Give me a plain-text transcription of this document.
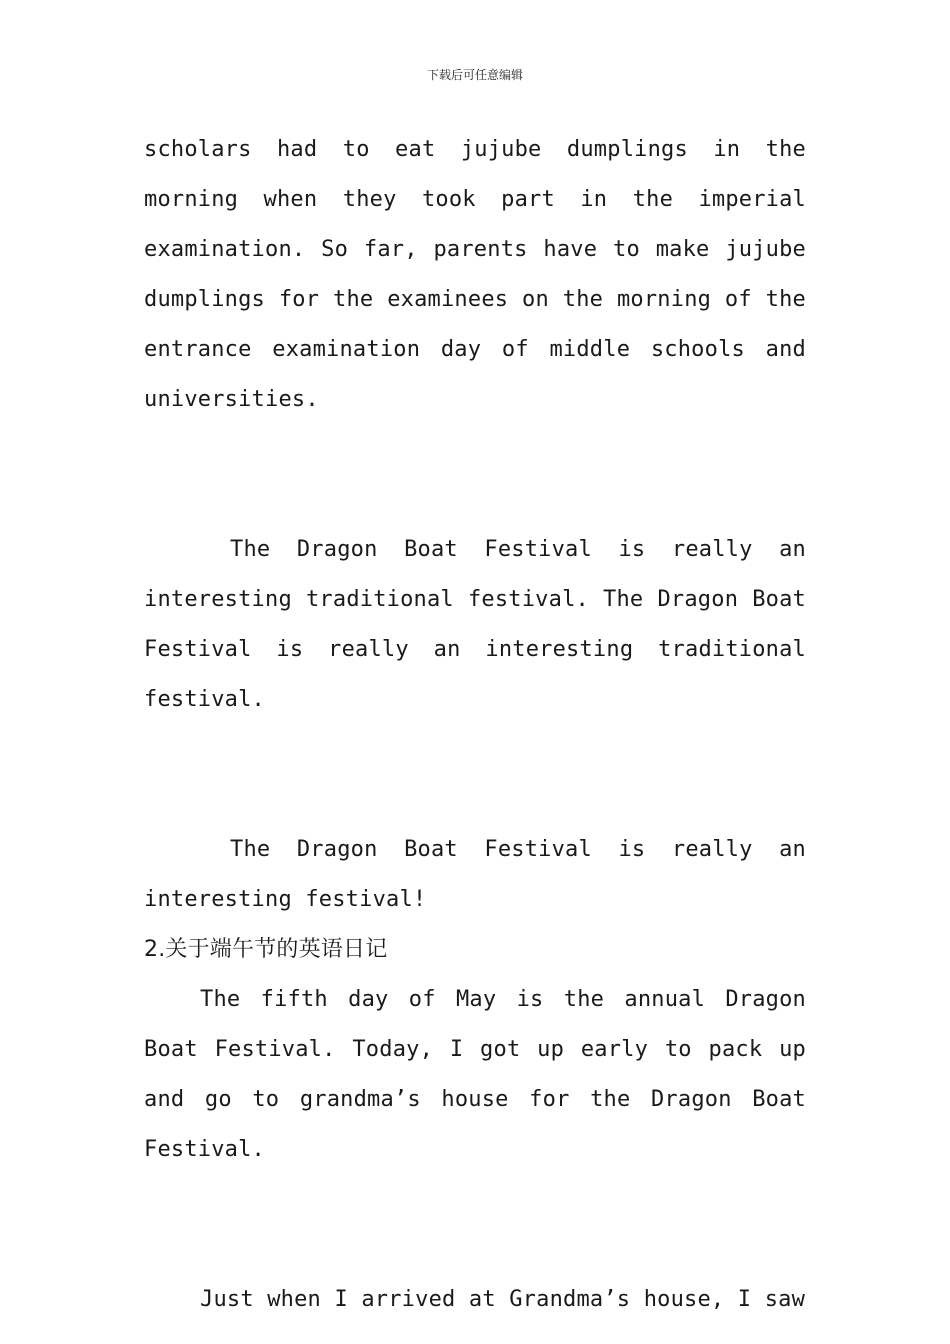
下载后可任意编辑

scholars had to eat jujube dumplings in the morning when they took part in the imperial examination. So far, parents have to make jujube dumplings for the examinees on the morning of the entrance examination day of middle schools and universities.

The Dragon Boat Festival is really an interesting traditional festival. The Dragon Boat Festival is really an interesting traditional festival.

The Dragon Boat Festival is really an interesting festival!

2.关于端午节的英语日记

The fifth day of May is the annual Dragon Boat Festival. Today, I got up early to pack up and go to grandma’s house for the Dragon Boat Festival.

Just when I arrived at Grandma’s house, I saw
